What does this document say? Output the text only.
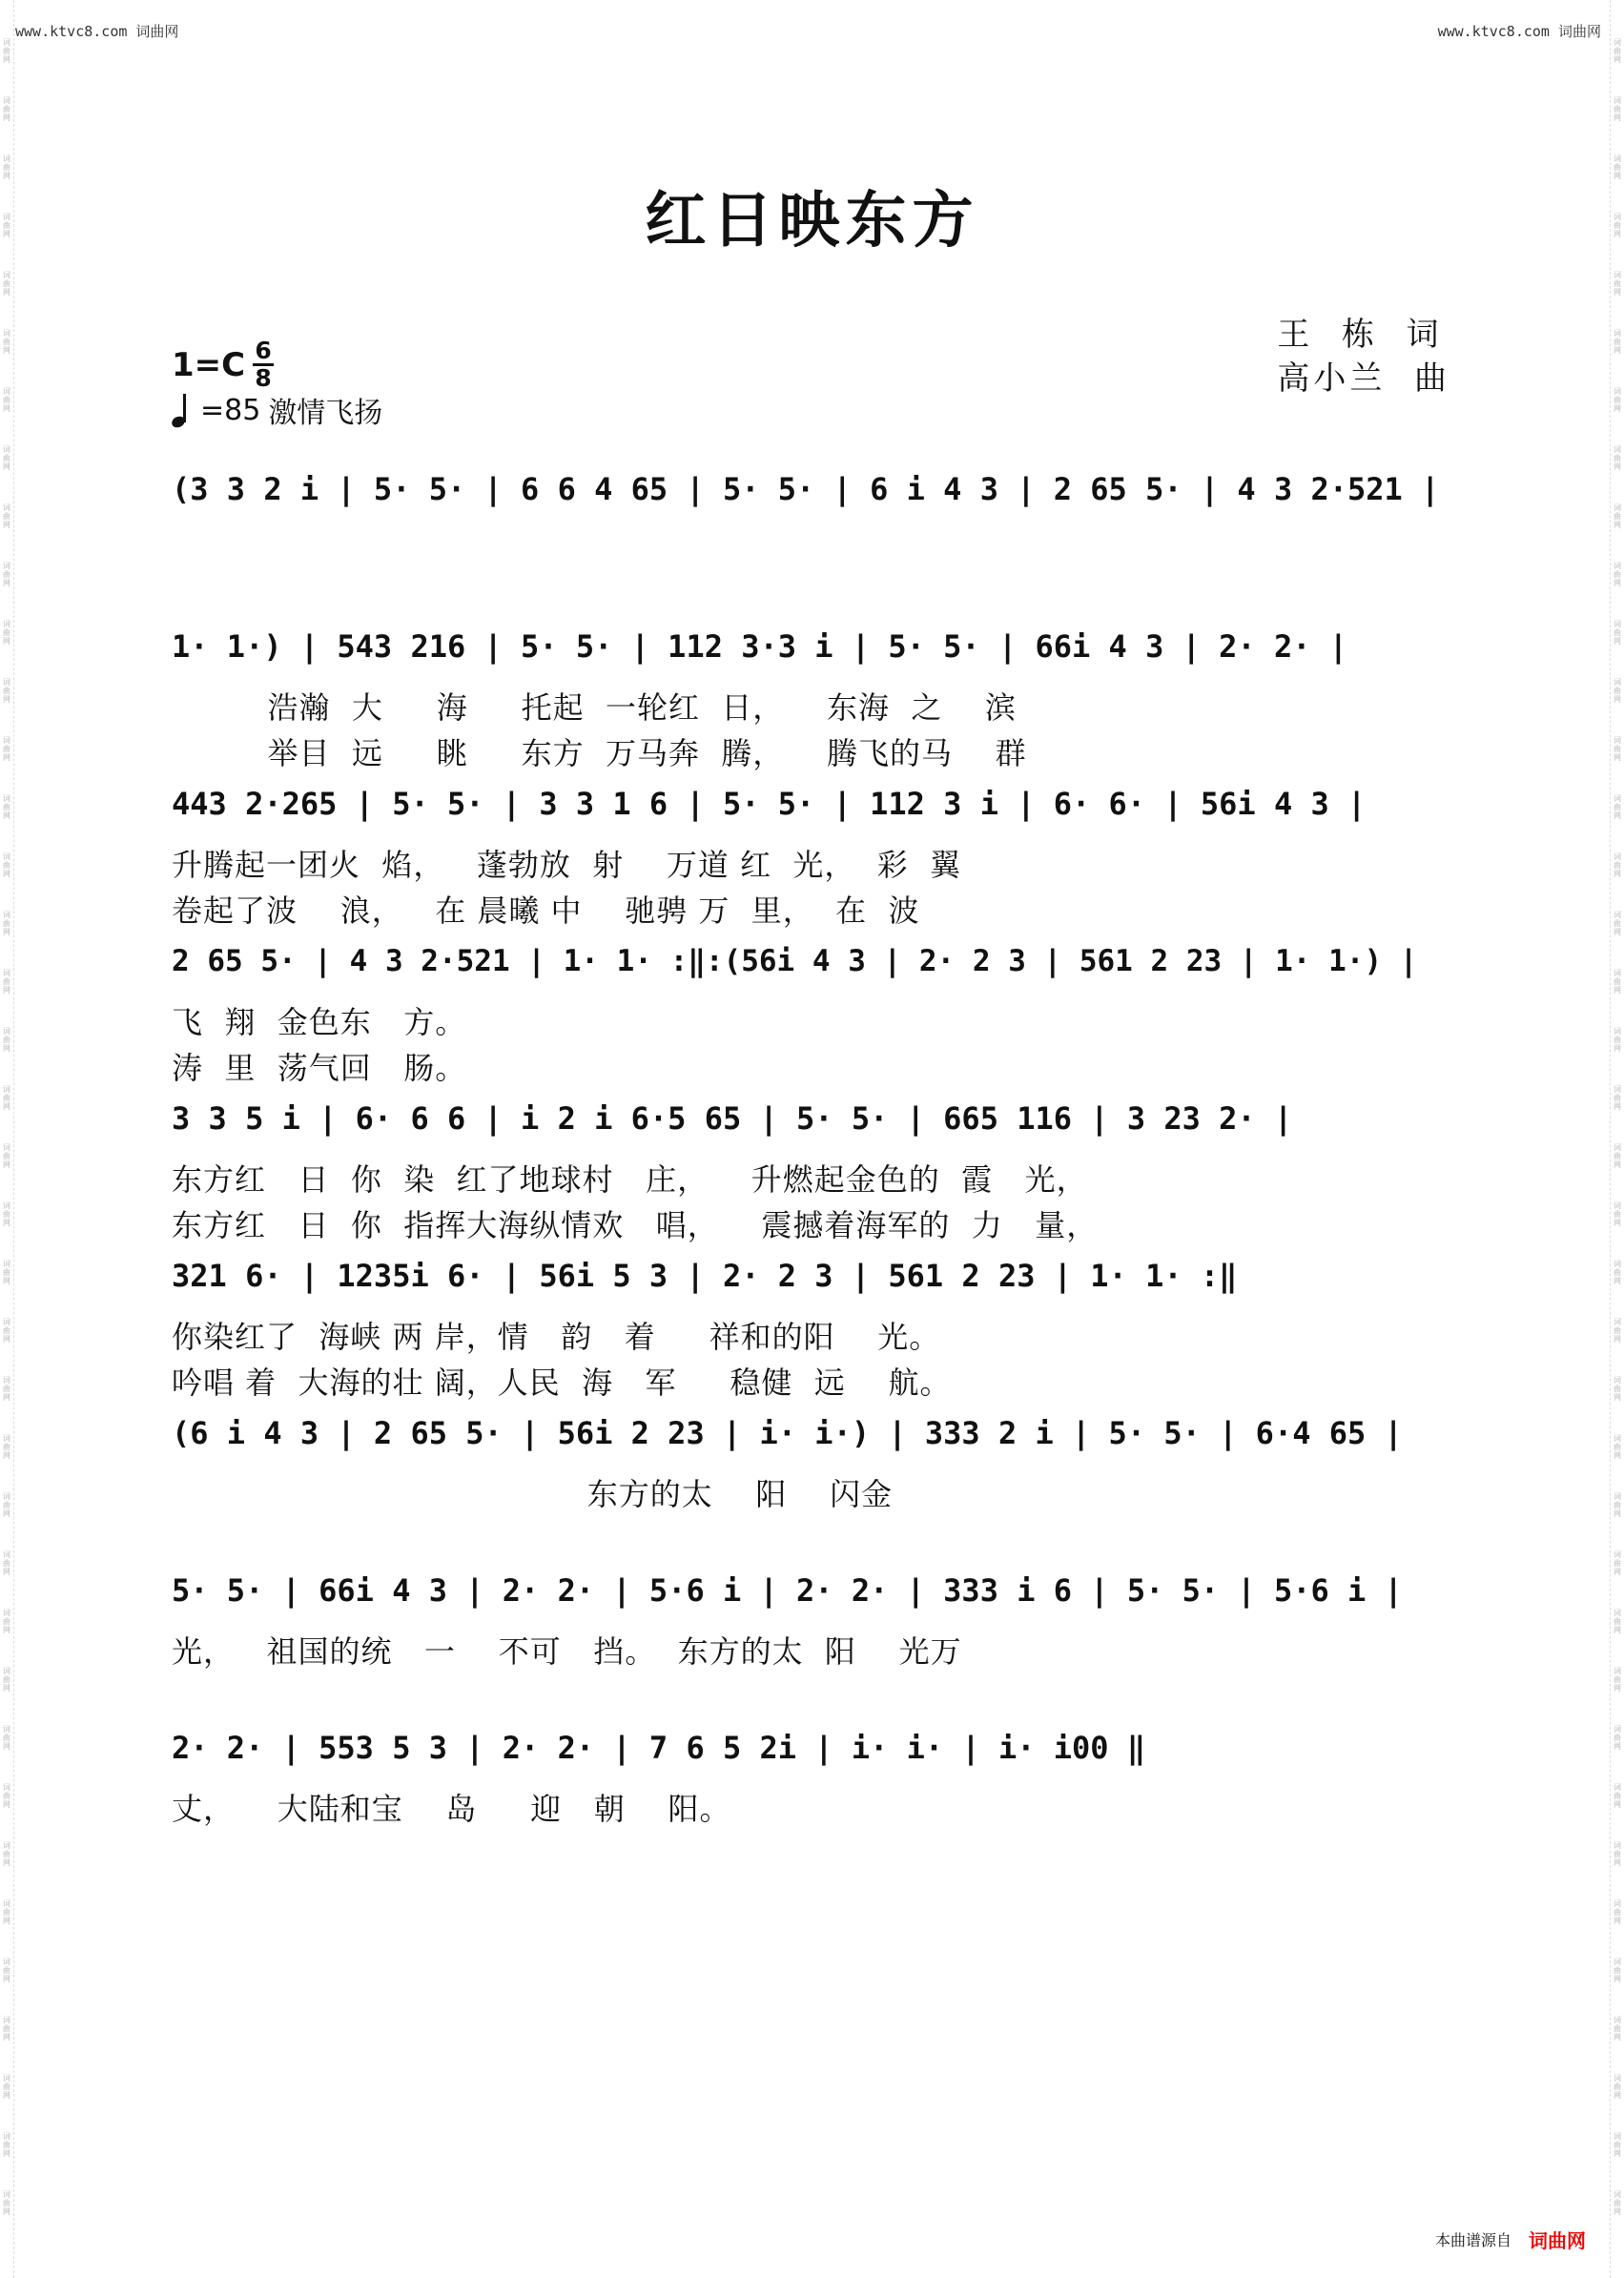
www.ktvc8.com 词曲网	www.ktvc8.com 词曲网
词
曲
网
词
曲
网
词
曲
网
词
曲
网
词
曲
网
词
曲
网
词
曲
网
词
曲
网
词
曲
网
词
曲
网
词
曲
网
词
曲
网
词
曲
网
词
曲
网
词
曲
网
词
曲
网
词
曲
网
词
曲
网
词
曲
网
词
曲
网
词
曲
网
词
曲
网
词
曲
网
词
曲
网
词
曲
网
词
曲
网
词
曲
网
词
曲
网
词
曲
网
词
曲
网
词
曲
网
词
曲
网
词
曲
网
词
曲
网
词
曲
网
词
曲
网
词
曲
网
词
曲
网
词
曲
网
词
曲
网
词
曲
网
词
曲
网
词
曲
网
词
曲
网
词
曲
网
词
曲
网
词
曲
网
词
曲
网
词
曲
网
词
曲
网
词
曲
网
词
曲
网
词
曲
网
词
曲
网
词
曲
网
词
曲
网
词
曲
网
词
曲
网
词
曲
网
词
曲
网
词
曲
网
词
曲
网
词
曲
网
词
曲
网
词
曲
网
词
曲
网
词
曲
网
词
曲
网
词
曲
网
词
曲
网
词
曲
网
词
曲
网
词
曲
网
词
曲
网
词
曲
网
词
曲
网
红日映东方
王  栋  词
高小兰  曲
1=C 6
8
=85 激情飞扬
(3 3 2 i | 5· 5· | 6 6 4 65 | 5· 5· | 6 i 4 3 | 2 65 5· | 4 3 2·521 |
1· 1·) | 543 216 | 5· 5· | 112 3·3 i | 5· 5· | 66i 4 3 | 2· 2· |
浩瀚  大     海     托起  一轮红  日，    东海  之    滨
举目  远     眺     东方  万马奔  腾，    腾飞的马    群
443 2·265 | 5· 5· | 3 3 1 6 | 5· 5· | 112 3 i | 6· 6· | 56i 4 3 |
升腾起一团火  焰，   蓬勃放  射    万道 红  光，  彩  翼
卷起了波    浪，   在 晨曦 中    驰骋 万  里，  在  波
2 65 5· | 4 3 2·521 | 1· 1· :‖:(56i 4 3 | 2· 2 3 | 561 2 23 | 1· 1·) |
飞  翔  金色东   方。
涛  里  荡气回   肠。
3 3 5 i | 6· 6 6 | i 2 i 6·5 65 | 5· 5· | 665 116 | 3 23 2· |
东方红   日  你  染  红了地球村   庄，    升燃起金色的  霞   光，
东方红   日  你  指挥大海纵情欢   唱，    震撼着海军的  力   量，
321 6· | 1235i 6· | 56i 5 3 | 2· 2 3 | 561 2 23 | 1· 1· :‖
你染红了  海峡 两 岸，情   韵   着     祥和的阳    光。
吟唱 着  大海的壮 阔，人民  海   军     稳健  远    航。
(6 i 4 3 | 2 65 5· | 56i 2 23 | i· i·) | 333 2 i | 5· 5· | 6·4 65 |
东方的太    阳    闪金
5· 5· | 66i 4 3 | 2· 2· | 5·6 i | 2· 2· | 333 i 6 | 5· 5· | 5·6 i |
光，   祖国的统   一    不可   挡。  东方的太  阳    光万
2· 2· | 553 5 3 | 2· 2· | 7 6 5 2i | i· i· | i· i00 ‖
丈，    大陆和宝    岛     迎   朝    阳。
本曲谱源自 词曲网
